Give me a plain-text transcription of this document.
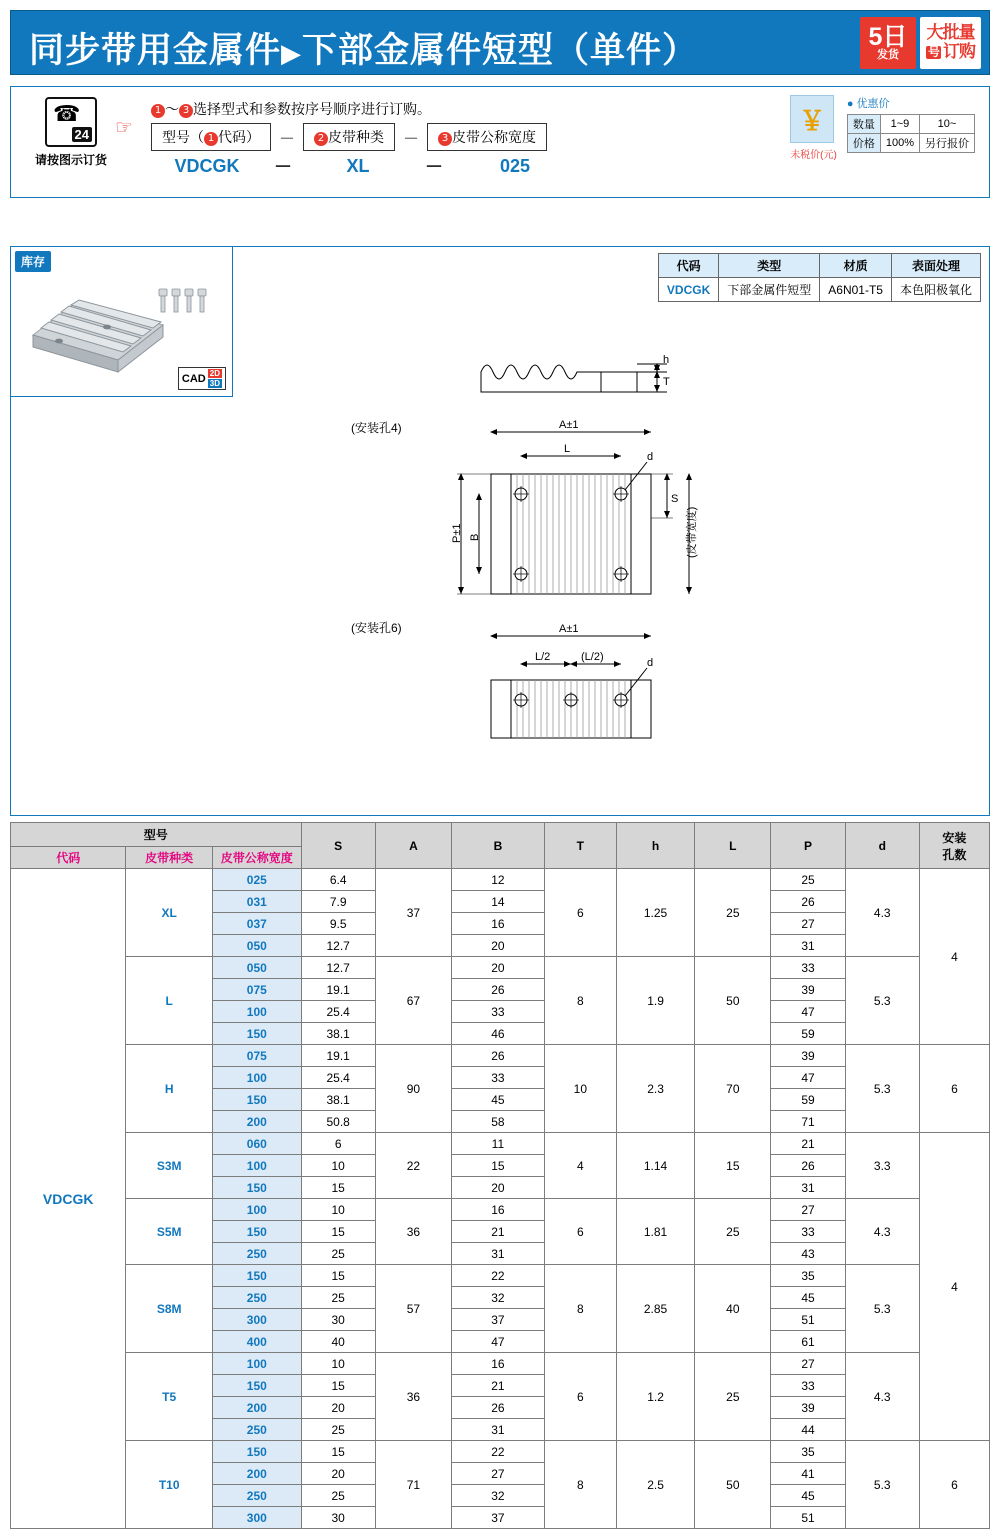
同步带用金属件▶下部金属件短型（单件）	5日
发货
大批量
号 订购
☎
24
请按图示订货
☞
1 ～ 3 选择型式和参数按序号顺序进行订购。
型号（ 1 代码）	－	2 皮带种类	－	3 皮带公称宽度
VDCGK	－	XL	－	025
￥
未税价(元)
● 优惠价
数量	1~9	10~
价格	100%	另行报价
库存
CAD 2D
3D
代码	类型	材质	表面处理
VDCGK	下部金属件短型	A6N01-T5	本色阳极氧化
h
T
(安装孔4)	A±1
L
d
P±1 B
S
(皮带宽度)
(安装孔6)	A±1
L/2	(L/2)	d
型号			S	A	B	T	h	L	P	d	安装
孔数
代码	皮带种类	皮带公称宽度									
VDCGK	XL	025	6.4	37	12	6	1.25	25	25	4.3	4
		031	7.9		14				26		
		037	9.5		16				27		
		050	12.7		20				31		
	L	050	12.7	67	20	8	1.9	50	33	5.3	
		075	19.1		26				39		
		100	25.4		33				47		
		150	38.1		46				59		
	H	075	19.1	90	26	10	2.3	70	39	5.3	6
		100	25.4		33				47		
		150	38.1		45				59		
		200	50.8		58				71		
	S3M	060	6	22	11	4	1.14	15	21	3.3	4
		100	10		15				26		
		150	15		20				31		
	S5M	100	10	36	16	6	1.81	25	27	4.3	
		150	15		21				33		
		250	25		31				43		
	S8M	150	15	57	22	8	2.85	40	35	5.3	
		250	25		32				45		
		300	30		37				51		
		400	40		47				61		
	T5	100	10	36	16	6	1.2	25	27	4.3	
		150	15		21				33		
		200	20		26				39		
		250	25		31				44		
	T10	150	15	71	22	8	2.5	50	35	5.3	6
		200	20		27				41		
		250	25		32				45		
		300	30		37				51		
